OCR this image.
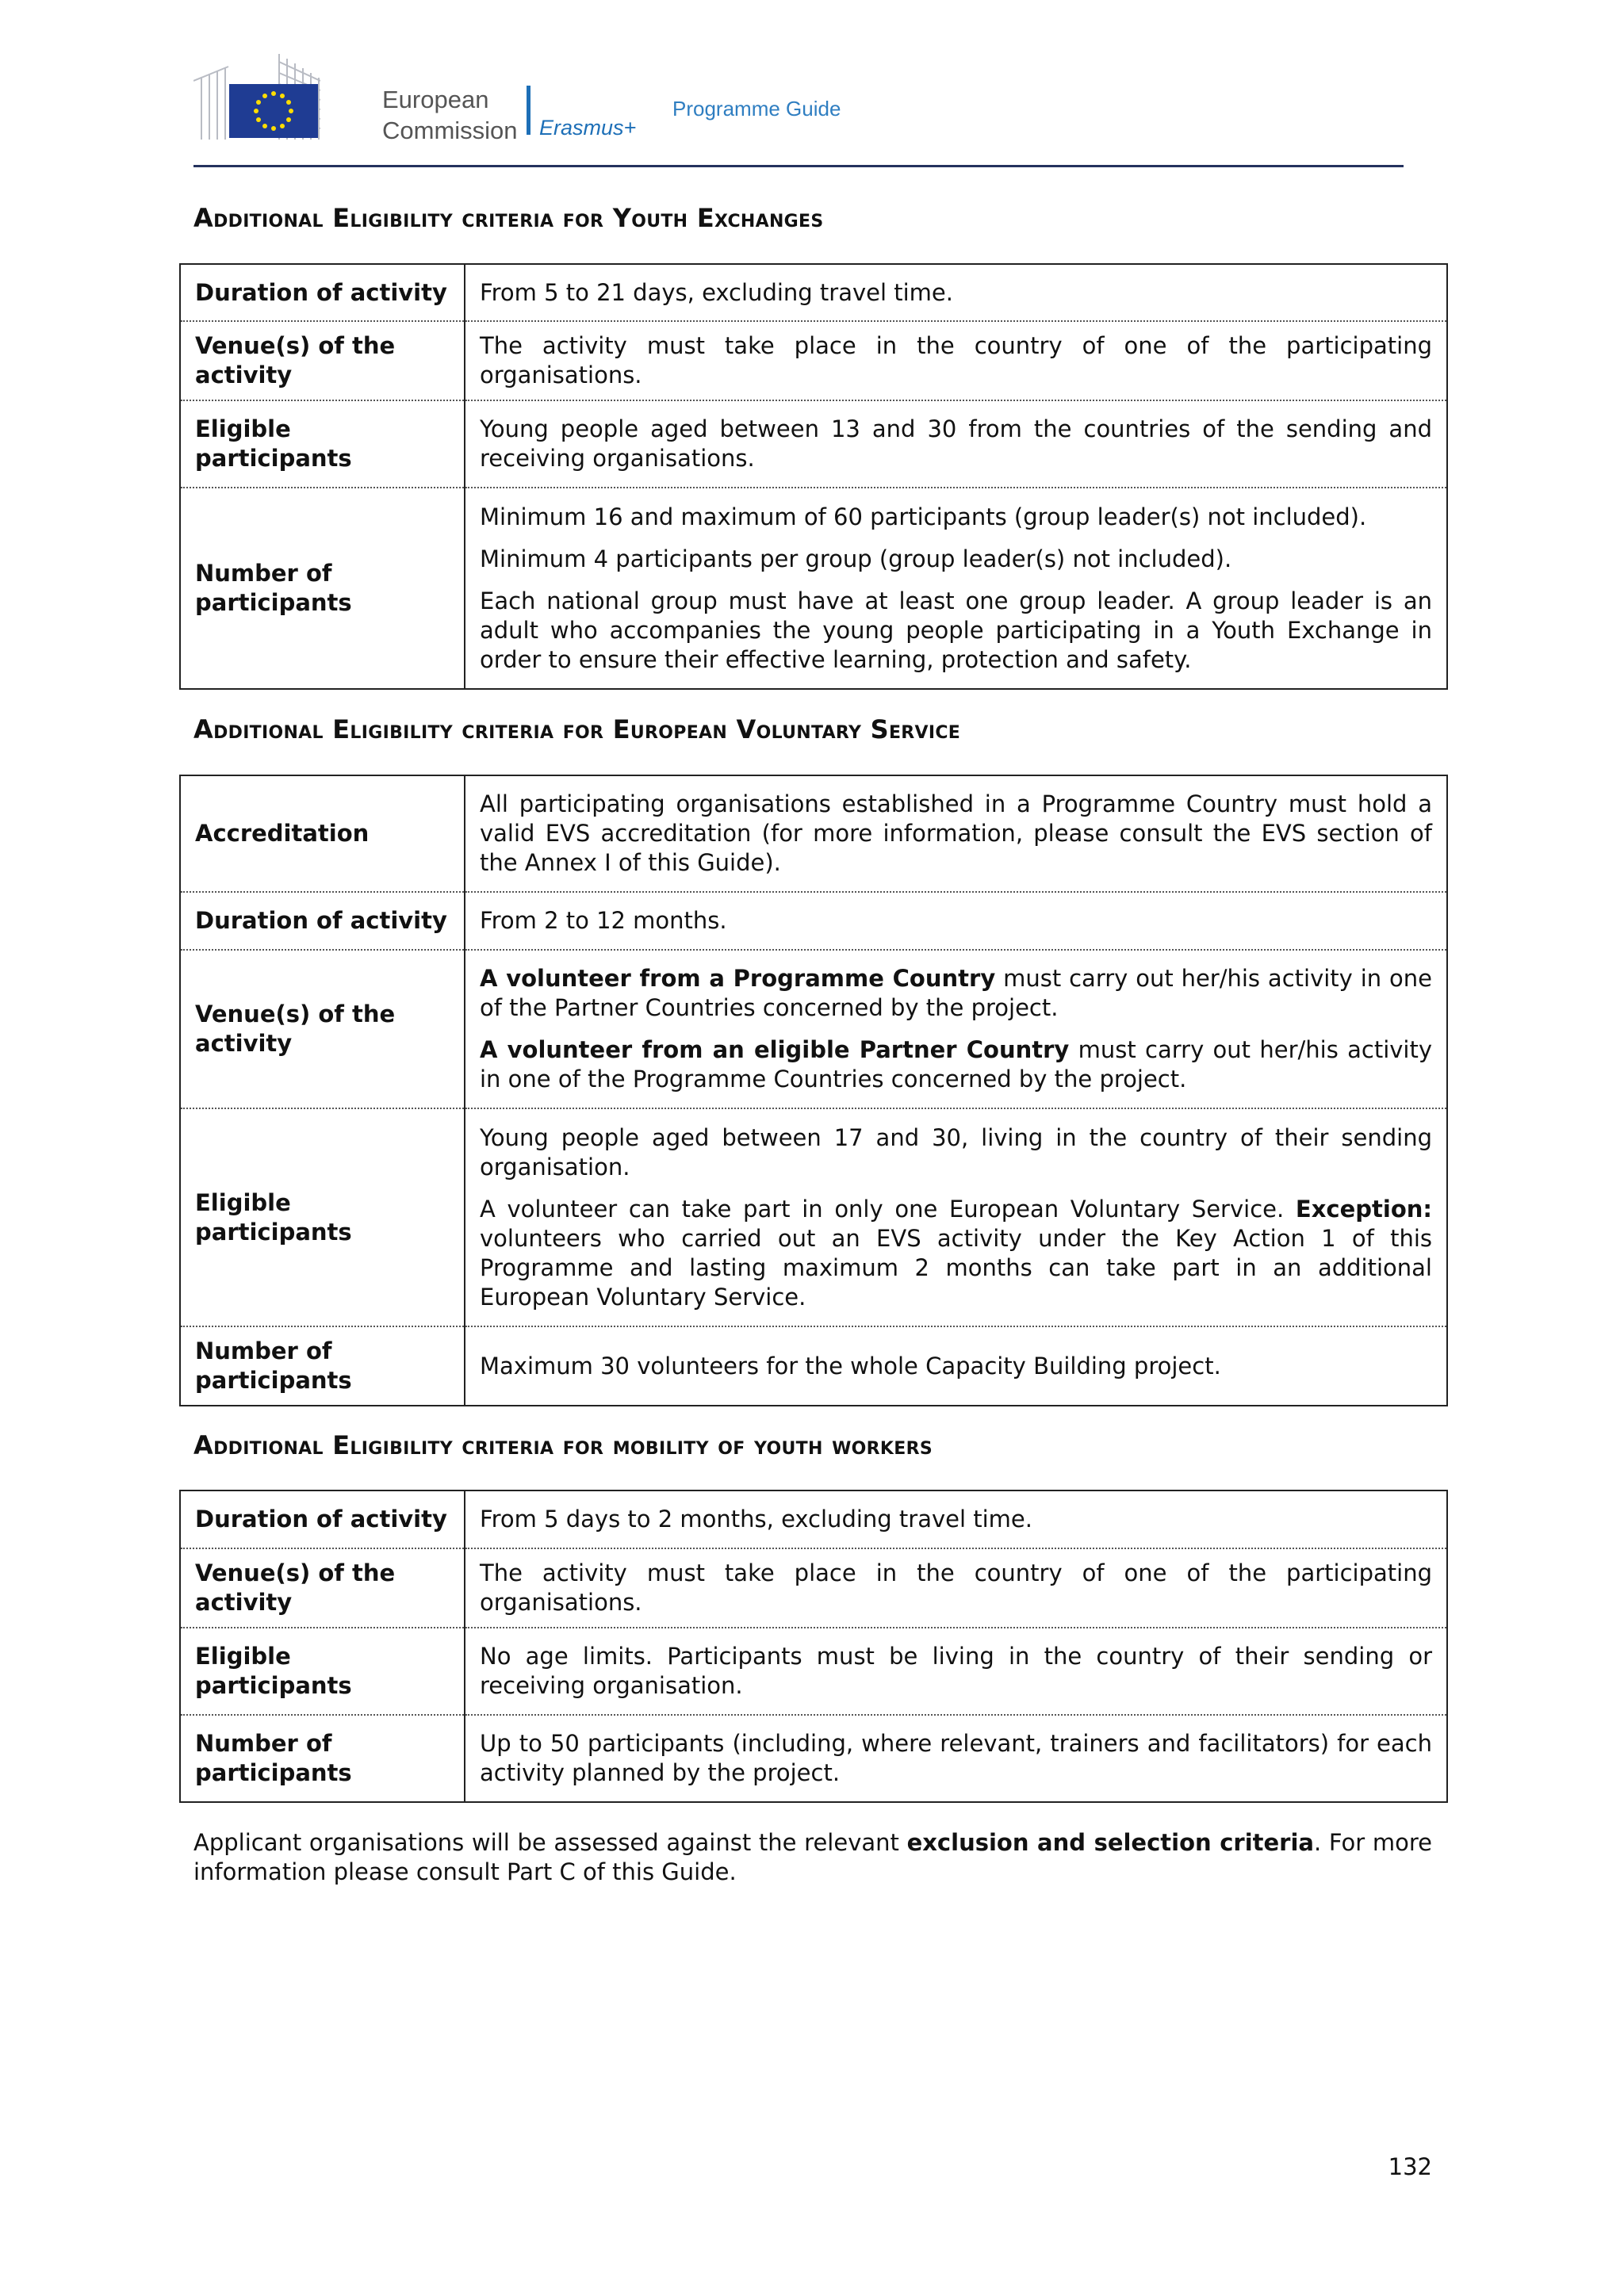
European
Commission Erasmus+
Programme Guide
Additional Eligibility criteria for Youth Exchanges
Duration of activity	From 5 to 21 days, excluding travel time.

Venue(s) of the activity	The activity must take place in the country of one of the participating organisations.

Eligible participants	Young people aged between 13 and 30 from the countries of the sending and receiving organisations.

Number of participants	Minimum 16 and maximum of 60 participants (group leader(s) not included).

Minimum 4 participants per group (group leader(s) not included).

Each national group must have at least one group leader. A group leader is an adult who accompanies the young people participating in a Youth Exchange in order to ensure their effective learning, protection and safety.

Additional Eligibility criteria for European Voluntary Service
Accreditation	All participating organisations established in a Programme Country must hold a valid EVS accreditation (for more information, please consult the EVS section of the Annex I of this Guide).

Duration of activity	From 2 to 12 months.

Venue(s) of the activity	A volunteer from a Programme Country must carry out her/his activity in one of the Partner Countries concerned by the project.

A volunteer from an eligible Partner Country must carry out her/his activity in one of the Programme Countries concerned by the project.

Eligible participants	Young people aged between 17 and 30, living in the country of their sending organisation.

A volunteer can take part in only one European Voluntary Service. Exception: volunteers who carried out an EVS activity under the Key Action 1 of this Programme and lasting maximum 2 months can take part in an additional European Voluntary Service.

Number of participants	Maximum 30 volunteers for the whole Capacity Building project.

Additional Eligibility criteria for mobility of youth workers
Duration of activity	From 5 days to 2 months, excluding travel time.

Venue(s) of the activity	The activity must take place in the country of one of the participating organisations.

Eligible participants	No age limits. Participants must be living in the country of their sending or receiving organisation.

Number of participants	Up to 50 participants (including, where relevant, trainers and facilitators) for each activity planned by the project.

Applicant organisations will be assessed against the relevant exclusion and selection criteria. For more information please consult Part C of this Guide.

132
